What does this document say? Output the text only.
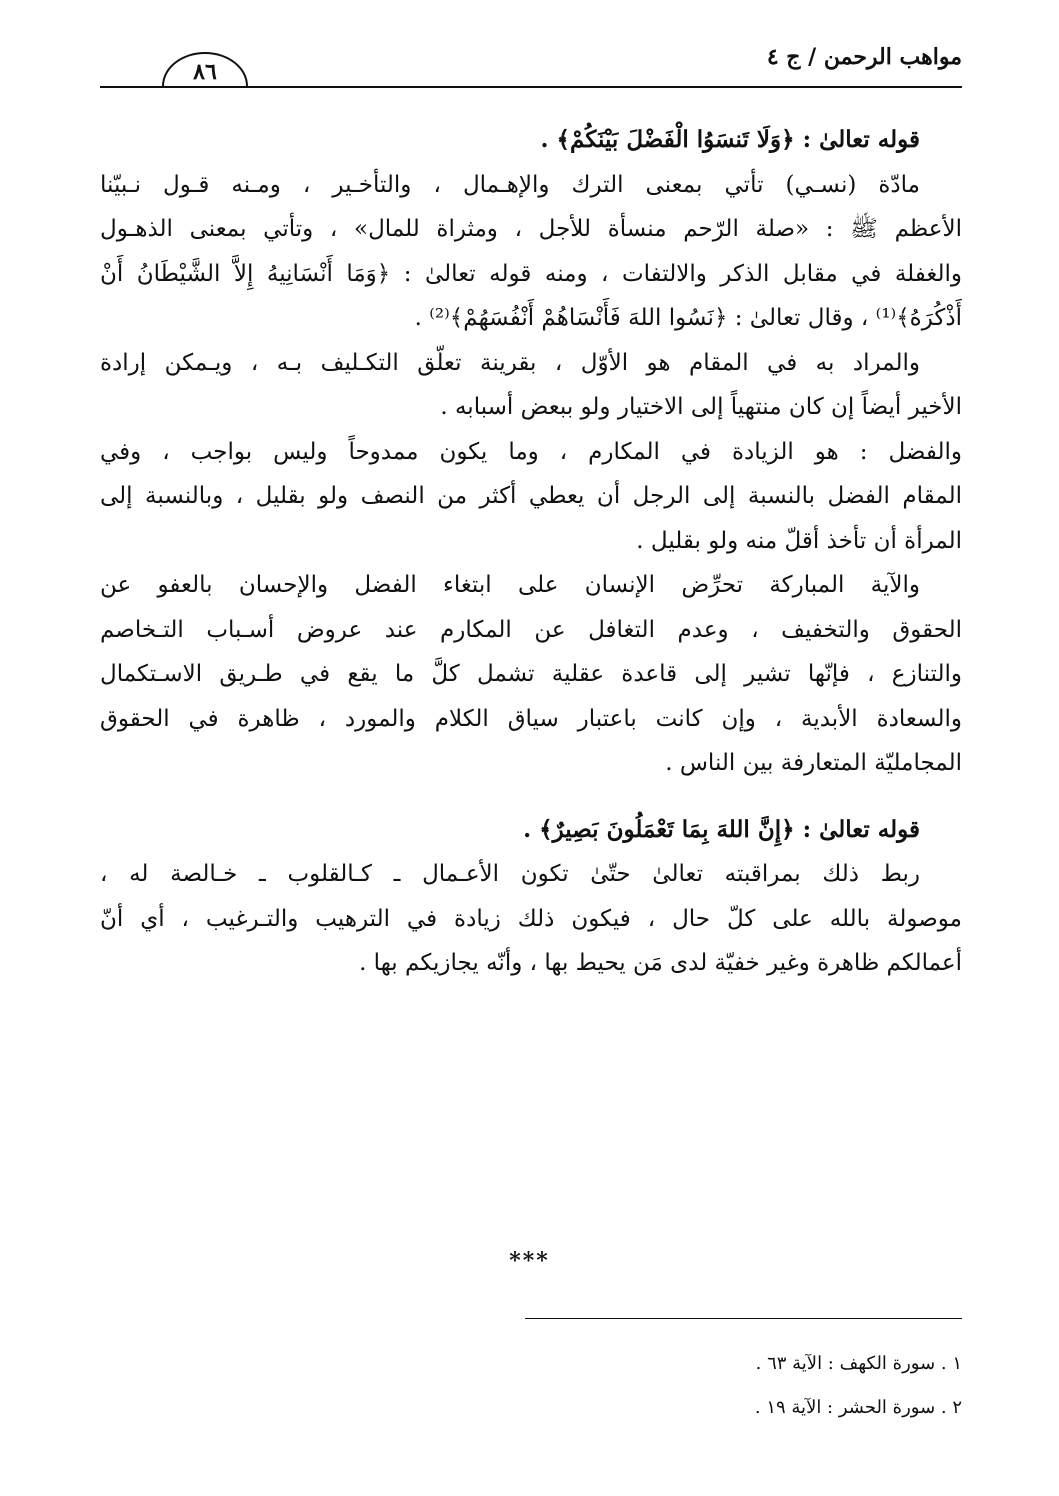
مواهب الرحمن / ج ٤
٨٦
قوله تعالىٰ : ﴿وَلَا تَنسَوُا الْفَضْلَ بَيْنَكُمْ﴾ .
مادّة (نسـي) تأتي بمعنى الترك والإهـمال ، والتأخـير ، ومـنه قـول نـبيّنا
الأعظم ﷺ : «صلة الرّحم منسأة للأجل ، ومثراة للمال» ، وتأتي بمعنى الذهـول
والغفلة في مقابل الذكر والالتفات ، ومنه قوله تعالىٰ : ﴿وَمَا أَنْسَانِيهُ إِلاَّ الشَّيْطَانُ أَنْ
أَذْكُرَهُ﴾⁽¹⁾ ، وقال تعالىٰ : ﴿نَسُوا اللهَ فَأَنْسَاهُمْ أَنْفُسَهُمْ﴾⁽²⁾ .
والمراد به في المقام هو الأوّل ، بقرينة تعلّق التكـليف بـه ، ويـمكن إرادة
الأخير أيضاً إن كان منتهياً إلى الاختيار ولو ببعض أسبابه .
والفضل : هو الزيادة في المكارم ، وما يكون ممدوحاً وليس بواجب ، وفي
المقام الفضل بالنسبة إلى الرجل أن يعطي أكثر من النصف ولو بقليل ، وبالنسبة إلى
المرأة أن تأخذ أقلّ منه ولو بقليل .
والآية المباركة تحرِّض الإنسان على ابتغاء الفضل والإحسان بالعفو عن
الحقوق والتخفيف ، وعدم التغافل عن المكارم عند عروض أسـباب التـخاصم
والتنازع ، فإنّها تشير إلى قاعدة عقلية تشمل كلَّ ما يقع في طـريق الاسـتكمال
والسعادة الأبدية ، وإن كانت باعتبار سياق الكلام والمورد ، ظاهرة في الحقوق
المجامليّة المتعارفة بين الناس .
قوله تعالىٰ : ﴿إِنَّ اللهَ بِمَا تَعْمَلُونَ بَصِيرٌ﴾ .
ربط ذلك بمراقبته تعالىٰ حتّىٰ تكون الأعـمال ـ كـالقلوب ـ خـالصة له ،
موصولة بالله على كلّ حال ، فيكون ذلك زيادة في الترهيب والتـرغيب ، أي أنّ
أعمالكم ظاهرة وغير خفيّة لدى مَن يحيط بها ، وأنّه يجازيكم بها .
***
١ . سورة الكهف : الآية ٦٣ .
٢ . سورة الحشر : الآية ١٩ .
